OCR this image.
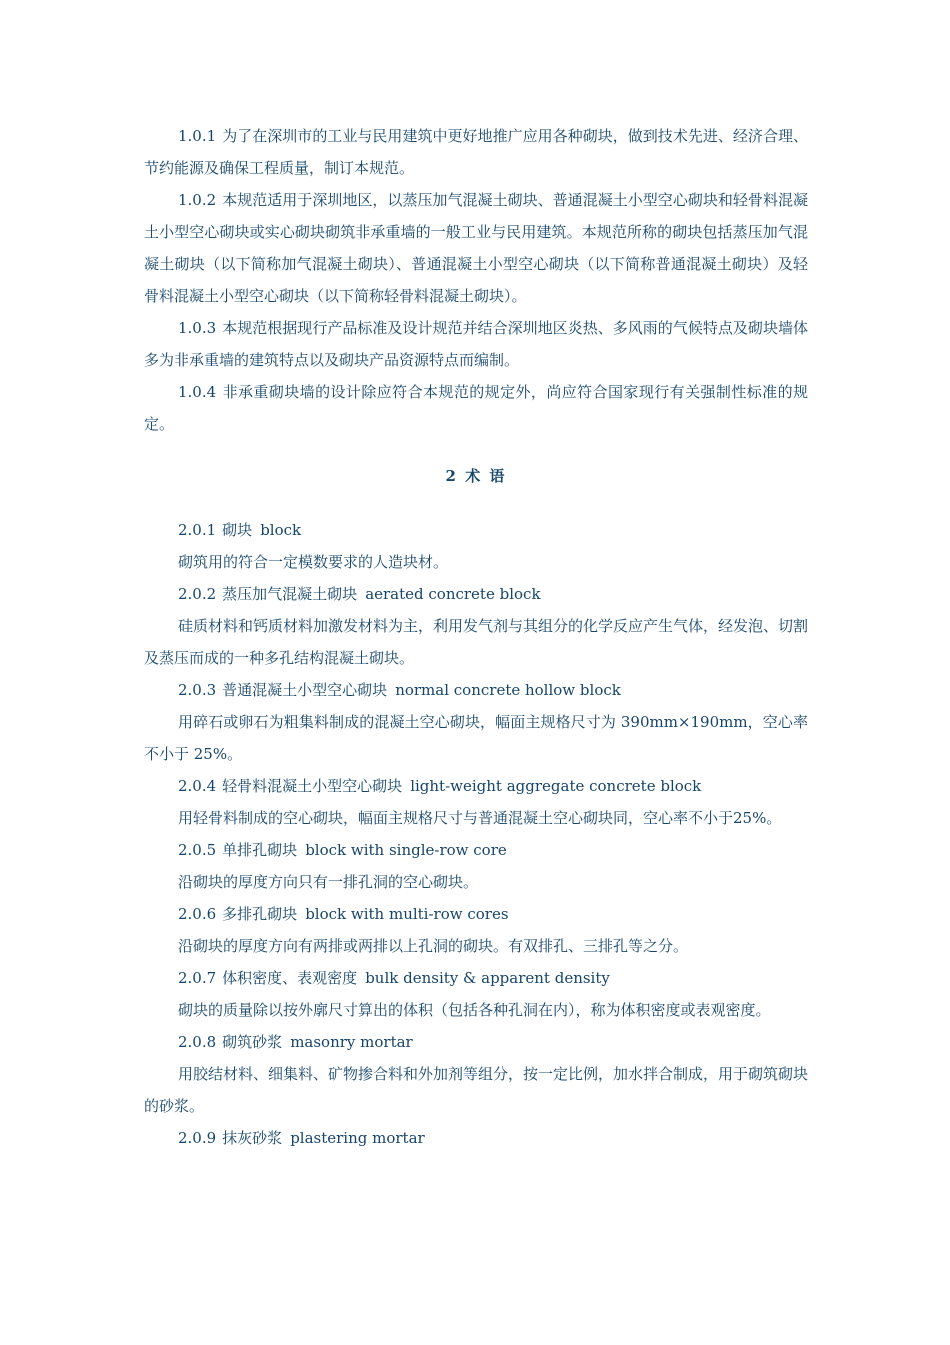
1.0.1 为了在深圳市的工业与民用建筑中更好地推广应用各种砌块，做到技术先进、经济合理、节约能源及确保工程质量，制订本规范。

1.0.2 本规范适用于深圳地区，以蒸压加气混凝土砌块、普通混凝土小型空心砌块和轻骨料混凝土小型空心砌块或实心砌块砌筑非承重墙的一般工业与民用建筑。本规范所称的砌块包括蒸压加气混凝土砌块（以下简称加气混凝土砌块）、普通混凝土小型空心砌块（以下简称普通混凝土砌块）及轻骨料混凝土小型空心砌块（以下简称轻骨料混凝土砌块）。

1.0.3 本规范根据现行产品标准及设计规范并结合深圳地区炎热、多风雨的气候特点及砌块墙体多为非承重墙的建筑特点以及砌块产品资源特点而编制。

1.0.4 非承重砌块墙的设计除应符合本规范的规定外，尚应符合国家现行有关强制性标准的规定。

2 术 语

2.0.1 砌块 block

砌筑用的符合一定模数要求的人造块材。

2.0.2 蒸压加气混凝土砌块 aerated concrete block

硅质材料和钙质材料加激发材料为主，利用发气剂与其组分的化学反应产生气体，经发泡、切割及蒸压而成的一种多孔结构混凝土砌块。

2.0.3 普通混凝土小型空心砌块 normal concrete hollow block

用碎石或卵石为粗集料制成的混凝土空心砌块，幅面主规格尺寸为 390mm×190mm，空心率不小于 25%。

2.0.4 轻骨料混凝土小型空心砌块 light-weight aggregate concrete block

用轻骨料制成的空心砌块，幅面主规格尺寸与普通混凝土空心砌块同，空心率不小于25%。

2.0.5 单排孔砌块 block with single-row core

沿砌块的厚度方向只有一排孔洞的空心砌块。

2.0.6 多排孔砌块 block with multi-row cores

沿砌块的厚度方向有两排或两排以上孔洞的砌块。有双排孔、三排孔等之分。

2.0.7 体积密度、表观密度 bulk density & apparent density

砌块的质量除以按外廓尺寸算出的体积（包括各种孔洞在内），称为体积密度或表观密度。

2.0.8 砌筑砂浆 masonry mortar

用胶结材料、细集料、矿物掺合料和外加剂等组分，按一定比例，加水拌合制成，用于砌筑砌块的砂浆。

2.0.9 抹灰砂浆 plastering mortar
